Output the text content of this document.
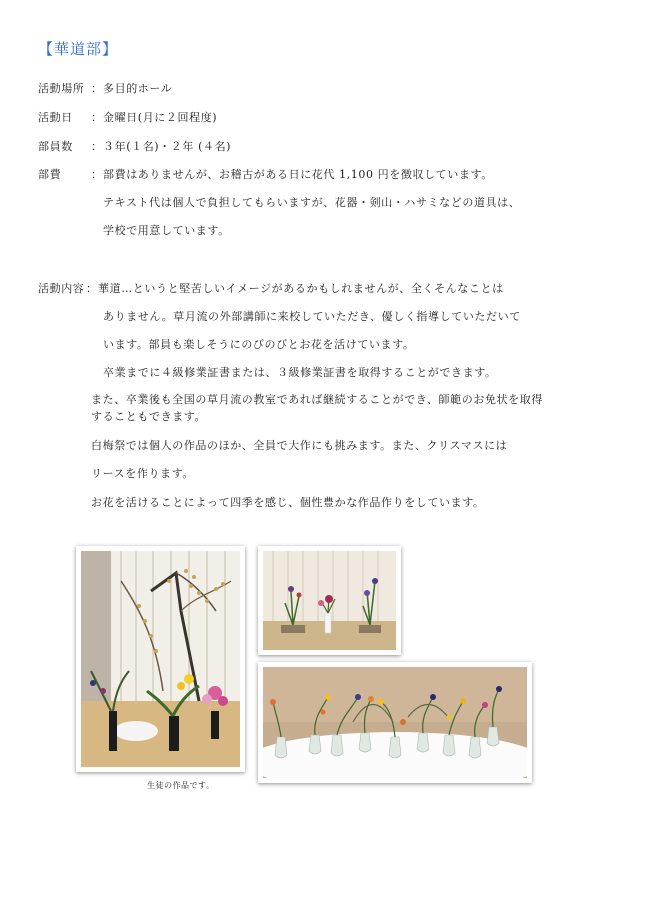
【華道部】
活動場所 ： 多目的ホール
活動日 ： 金曜日(月に２回程度)
部員数 ： ３年(１名)・２年 (４名)
部費	： 部費はありませんが、お稽古がある日に花代 1,100 円を徴収しています。
テキスト代は個人で負担してもらいますが、花器・剣山・ハサミなどの道具は、
学校で用意しています。
活動内容 ： 華道…というと堅苦しいイメージがあるかもしれませんが、全くそんなことは
ありません。草月流の外部講師に来校していただき、優しく指導していただいて
います。部員も楽しそうにのびのびとお花を活けています。
卒業までに４級修業証書または、３級修業証書を取得することができます。
また、卒業後も全国の草月流の教室であれば継続することができ、師範のお免状を取得
することもできます。
白梅祭では個人の作品のほか、全員で大作にも挑みます。また、クリスマスには
リースを作ります。
お花を活けることによって四季を感じ、個性豊かな作品作りをしています。
生徒の作品です。
